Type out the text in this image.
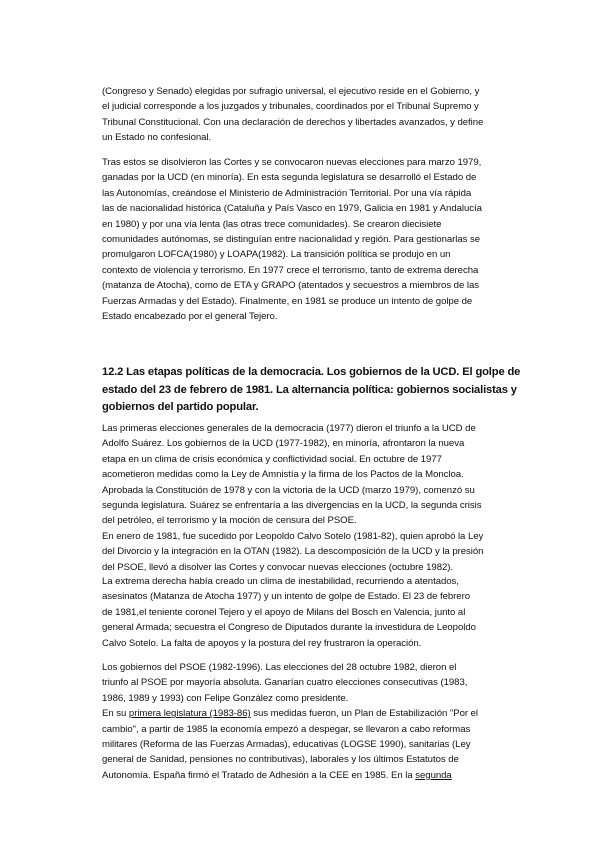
(Congreso y Senado) elegidas por sufragio universal, el ejecutivo reside en el Gobierno, y
el judicial corresponde a los juzgados y tribunales, coordinados por el Tribunal Supremo y
Tribunal Constitucional. Con una declaración de derechos y libertades avanzados, y define
un Estado no confesional.
Tras estos se disolvieron las Cortes y se convocaron nuevas elecciones para marzo 1979,
ganadas por la UCD (en minoría). En esta segunda legislatura se desarrolló el Estado de
las Autonomías, creándose el Ministerio de Administración Territorial. Por una vía rápida
las de nacionalidad histórica (Cataluña y País Vasco en 1979, Galicia en 1981 y Andalucía
en 1980) y por una vía lenta (las otras trece comunidades). Se crearon diecisiete
comunidades autónomas, se distinguían entre nacionalidad y región. Para gestionarlas se
promulgaron LOFCA(1980) y LOAPA(1982). La transición política se produjo en un
contexto de violencia y terrorismo. En 1977 crece el terrorismo, tanto de extrema derecha
(matanza de Atocha), como de ETA y GRAPO (atentados y secuestros a miembros de las
Fuerzas Armadas y del Estado). Finalmente, en 1981 se produce un intento de golpe de
Estado encabezado por el general Tejero.
12.2 Las etapas políticas de la democracia. Los gobiernos de la UCD. El golpe de
estado del 23 de febrero de 1981. La alternancia política: gobiernos socialistas y
gobiernos del partido popular.
Las primeras elecciones generales de la democracia (1977) dieron el triunfo a la UCD de
Adolfo Suárez. Los gobiernos de la UCD (1977-1982), en minoría, afrontaron la nueva
etapa en un clima de crisis económica y conflictividad social. En octubre de 1977
acometieron medidas como la Ley de Amnistía y la firma de los Pactos de la Moncloa.
Aprobada la Constitución de 1978 y con la victoria de la UCD (marzo 1979), comenzó su
segunda legislatura. Suárez se enfrentaría a las divergencias en la UCD, la segunda crisis
del petróleo, el terrorismo y la moción de censura del PSOE.
En enero de 1981, fue sucedido por Leopoldo Calvo Sotelo (1981-82), quien aprobó la Ley
del Divorcio y la integración en la OTAN (1982). La descomposición de la UCD y la presión
del PSOE, llevó a disolver las Cortes y convocar nuevas elecciones (octubre 1982).
La extrema derecha había creado un clima de inestabilidad, recurriendo a atentados,
asesinatos (Matanza de Atocha 1977) y un intento de golpe de Estado. El 23 de febrero
de 1981,el teniente coronel Tejero y el apoyo de Milans del Bosch en Valencia, junto al
general Armada; secuestra el Congreso de Diputados durante la investidura de Leopoldo
Calvo Sotelo. La falta de apoyos y la postura del rey frustraron la operación.
Los gobiernos del PSOE (1982-1996). Las elecciones del 28 octubre 1982, dieron el
triunfo al PSOE por mayoría absoluta. Ganarían cuatro elecciones consecutivas (1983,
1986, 1989 y 1993) con Felipe González como presidente.
En su primera legislatura (1983-86) sus medidas fueron, un Plan de Estabilización "Por el
cambio", a partir de 1985 la economía empezó a despegar, se llevaron a cabo reformas
militares (Reforma de las Fuerzas Armadas), educativas (LOGSE 1990), sanitarias (Ley
general de Sanidad, pensiones no contributivas), laborales y los últimos Estatutos de
Autonomía. España firmó el Tratado de Adhesión a la CEE en 1985. En la segunda
